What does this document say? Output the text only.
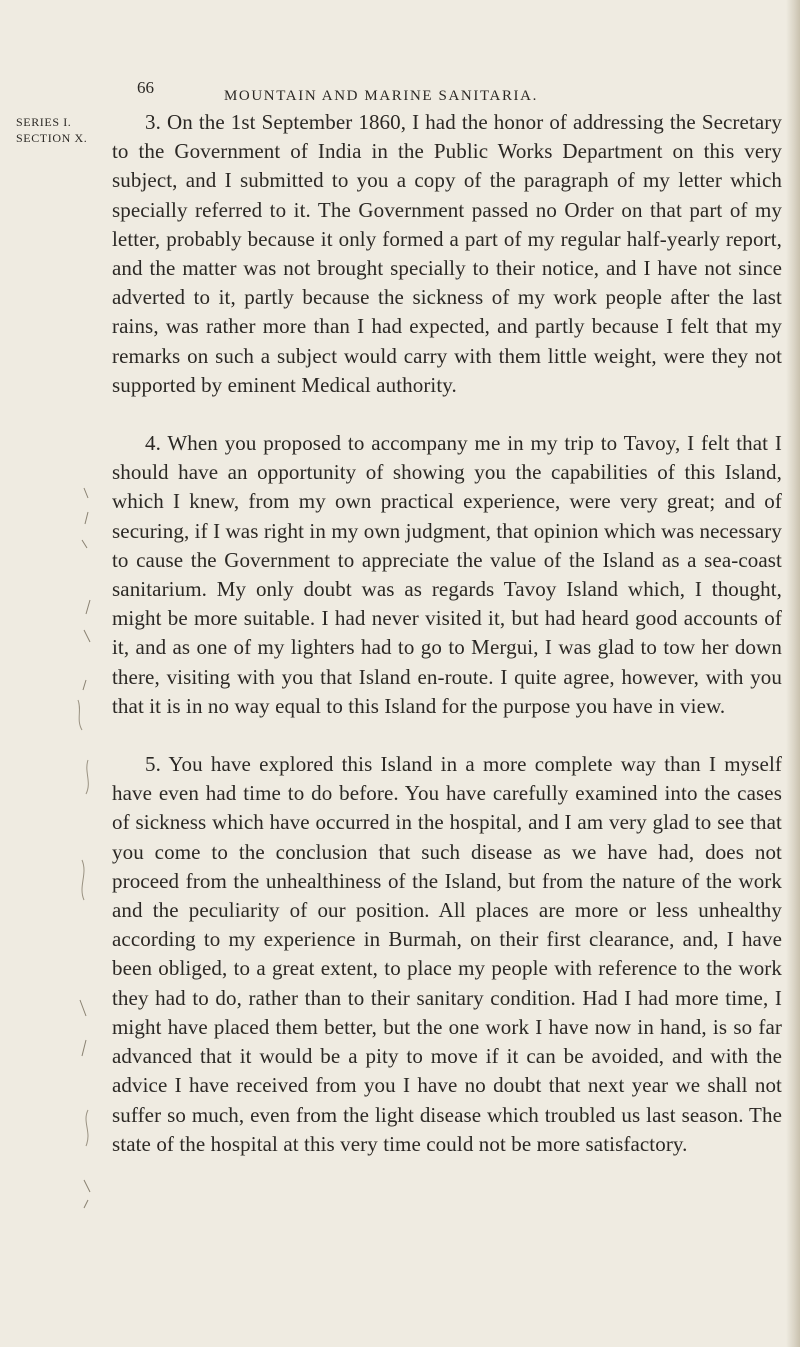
66	MOUNTAIN AND MARINE SANITARIA.
SERIES I.
SECTION X.

3. On the 1st September 1860, I had the honor of addressing the Secretary to the Government of India in the Public Works Department on this very subject, and I submitted to you a copy of the paragraph of my letter which specially referred to it. The Government passed no Order on that part of my letter, probably because it only formed a part of my regular half-yearly report, and the matter was not brought specially to their notice, and I have not since adverted to it, partly because the sickness of my work people after the last rains, was rather more than I had expected, and partly because I felt that my remarks on such a subject would carry with them little weight, were they not supported by eminent Medical authority.

4. When you proposed to accompany me in my trip to Tavoy, I felt that I should have an opportunity of showing you the capabilities of this Island, which I knew, from my own practical experience, were very great; and of securing, if I was right in my own judgment, that opinion which was necessary to cause the Government to appreciate the value of the Island as a sea-coast sanitarium. My only doubt was as regards Tavoy Island which, I thought, might be more suitable. I had never visited it, but had heard good accounts of it, and as one of my lighters had to go to Mergui, I was glad to tow her down there, visiting with you that Island en-route. I quite agree, however, with you that it is in no way equal to this Island for the purpose you have in view.

5. You have explored this Island in a more complete way than I myself have even had time to do before. You have carefully examined into the cases of sickness which have occurred in the hospital, and I am very glad to see that you come to the conclusion that such disease as we have had, does not proceed from the unhealthiness of the Island, but from the nature of the work and the peculiarity of our position. All places are more or less unhealthy according to my experience in Burmah, on their first clearance, and, I have been obliged, to a great extent, to place my people with reference to the work they had to do, rather than to their sanitary condition. Had I had more time, I might have placed them better, but the one work I have now in hand, is so far advanced that it would be a pity to move if it can be avoided, and with the advice I have received from you I have no doubt that next year we shall not suffer so much, even from the light disease which troubled us last season. The state of the hospital at this very time could not be more satisfactory.
